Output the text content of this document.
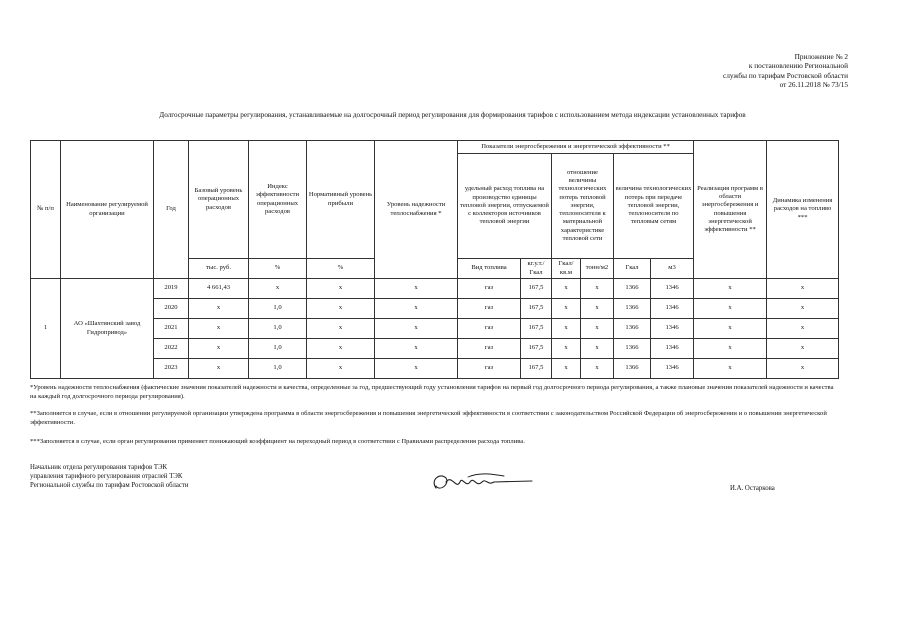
Приложение № 2
к постановлению Региональной
службы по тарифам Ростовской области
от 26.11.2018 № 73/15
Долгосрочные параметры регулирования, устанавливаемые на долгосрочный период регулирования для формирования тарифов с использованием метода индексации установленных тарифов
№ п/п	Наименование регулируемой организации	Год	Базовый уровень операционных расходов	Индекс эффективности операционных расходов	Нормативный уровень прибыли	Уровень надежности теплоснабжения *	Показатели энергосбережения и энергетической эффективности **						Реализация программ в области энергосбережения и повышения энергетической эффективности **	Динамика изменения расходов на топливо ***
							удельный расход топлива на производство единицы тепловой энергии, отпускаемой с коллекторов источников тепловой энергии		отношение величины технологических потерь тепловой энергии, теплоносителя к материальной характеристике тепловой сети		величина технологических потерь при передаче тепловой энергии, теплоносителя по тепловым сетям			
			тыс. руб.	%	%		Вид топлива	кг.у.т./Гкал	Гкал/кв.м	тонн/м2	Гкал	м3		
1	АО «Шахтинский завод Гидропривод»	2019	4 661,43	х	х	х	газ	167,5	х	х	1366	1346	х	х
		2020	х	1,0	х	х	газ	167,5	х	х	1366	1346	х	х
		2021	х	1,0	х	х	газ	167,5	х	х	1366	1346	х	х
		2022	х	1,0	х	х	газ	167,5	х	х	1366	1346	х	х
		2023	х	1,0	х	х	газ	167,5	х	х	1366	1346	х	х
*Уровень надежности теплоснабжения (фактические значения показателей надежности и качества, определенные за год, предшествующий году установления тарифов на первый год долгосрочного периода регулирования, а также плановые значения показателей надежности и качества на каждый год долгосрочного периода регулирования).
**Заполняется в случае, если в отношении регулируемой организации утверждена программа в области энергосбережения и повышения энергетической эффективности в соответствии с законодательством Российской Федерации об энергосбережении и о повышении энергетической эффективности.
***Заполняется в случае, если орган регулирования применяет понижающий коэффициент на переходный период в соответствии с Правилами распределения расхода топлива.
Начальник отдела регулирования тарифов ТЭК
управления тарифного регулирования отраслей ТЭК
Региональной службы по тарифам Ростовской области	И.А. Остаркова
